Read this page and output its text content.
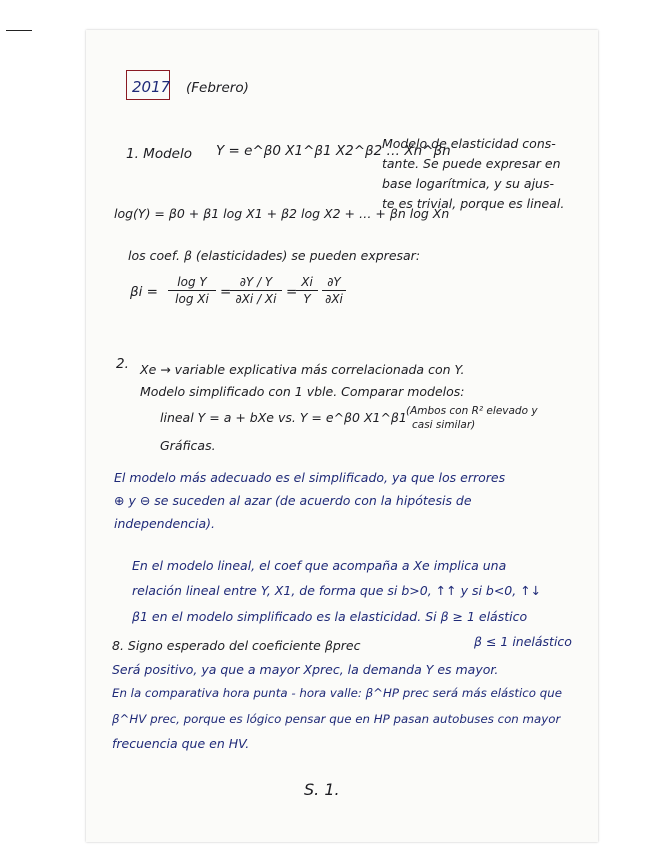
2017 (Febrero)
1. Modelo Y = e^β0 X1^β1 X2^β2 … Xn^βn
Modelo de elasticidad cons-
tante. Se puede expresar en
base logarítmica, y su ajus-
te es trivial, porque es lineal.
log(Y) = β0 + β1 log X1 + β2 log X2 + … + βn log Xn
los coef. β (elasticidades) se pueden expresar:
βi =
log Y
log Xi =
∂Y / Y
∂Xi / Xi =
Xi
Y
∂Y
∂Xi
2. Xe → variable explicativa más correlacionada con Y.
Modelo simplificado con 1 vble. Comparar modelos:
lineal Y = a + bXe vs. Y = e^β0 X1^β1 (Ambos con R² elevado y
casi similar)
Gráficas.
El modelo más adecuado es el simplificado, ya que los errores
⊕ y ⊖ se suceden al azar (de acuerdo con la hipótesis de
independencia).
En el modelo lineal, el coef que acompaña a Xe implica una
relación lineal entre Y, X1, de forma que si b>0, ↑↑ y si b<0, ↑↓
β1 en el modelo simplificado es la elasticidad. Si β ≥ 1 elástico
β ≤ 1 inelástico
8. Signo esperado del coeficiente βprec
Será positivo, ya que a mayor Xprec, la demanda Y es mayor.
En la comparativa hora punta - hora valle: β^HP prec será más elástico que
β^HV prec, porque es lógico pensar que en HP pasan autobuses con mayor
frecuencia que en HV.
S. 1.
